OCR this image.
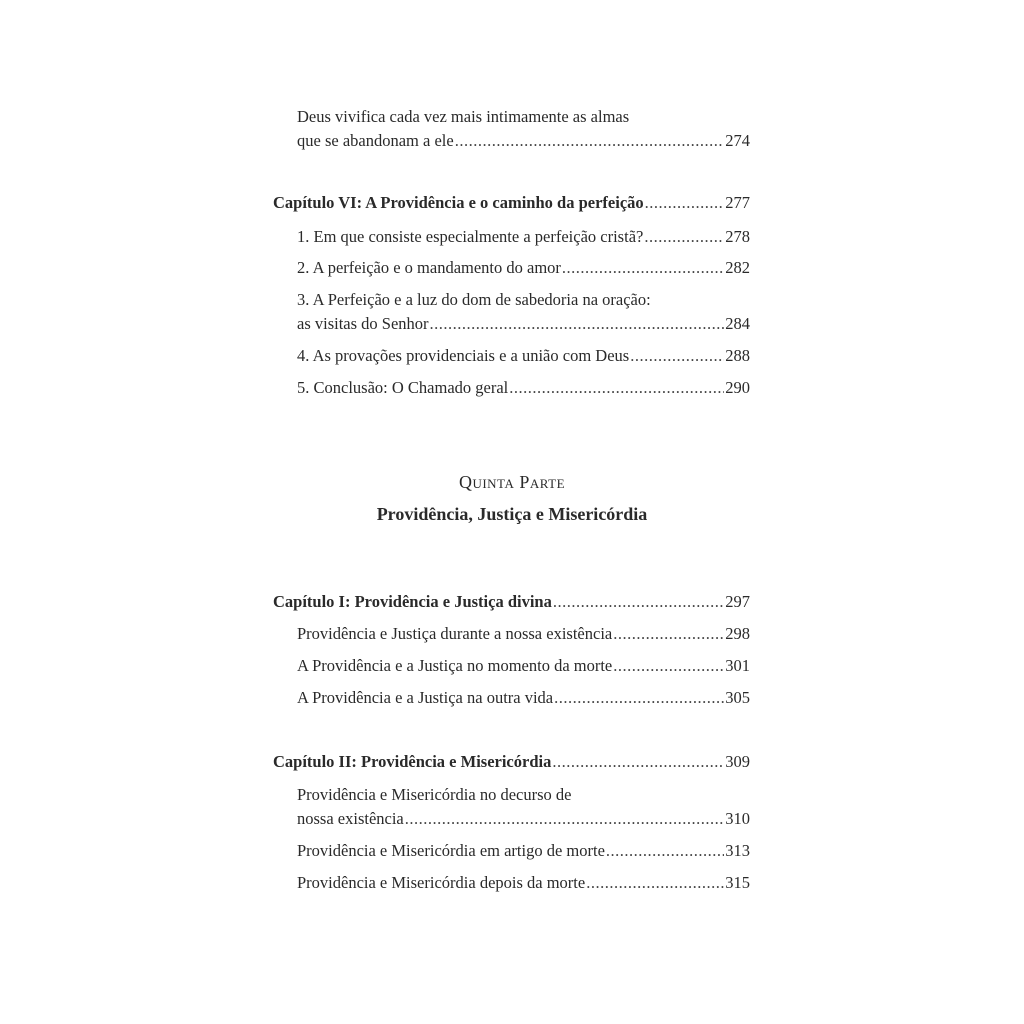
Deus vivifica cada vez mais intimamente as almas
que se abandonam a ele .....	274
Capítulo VI: A Providência e o caminho da perfeição .....	277
1. Em que consiste especialmente a perfeição cristã? .....	278
2. A perfeição e o mandamento do amor .....	282
3. A Perfeição e a luz do dom de sabedoria na oração:
as visitas do Senhor .....	284
4. As provações providenciais e a união com Deus .....	288
5. Conclusão: O Chamado geral .....	290
Quinta Parte
Providência, Justiça e Misericórdia
Capítulo I: Providência e Justiça divina .....	297
Providência e Justiça durante a nossa existência .....	298
A Providência e a Justiça no momento da morte .....	301
A Providência e a Justiça na outra vida .....	305
Capítulo II: Providência e Misericórdia .....	309
Providência e Misericórdia no decurso de
nossa existência .....	310
Providência e Misericórdia em artigo de morte .....	313
Providência e Misericórdia depois da morte .....	315
